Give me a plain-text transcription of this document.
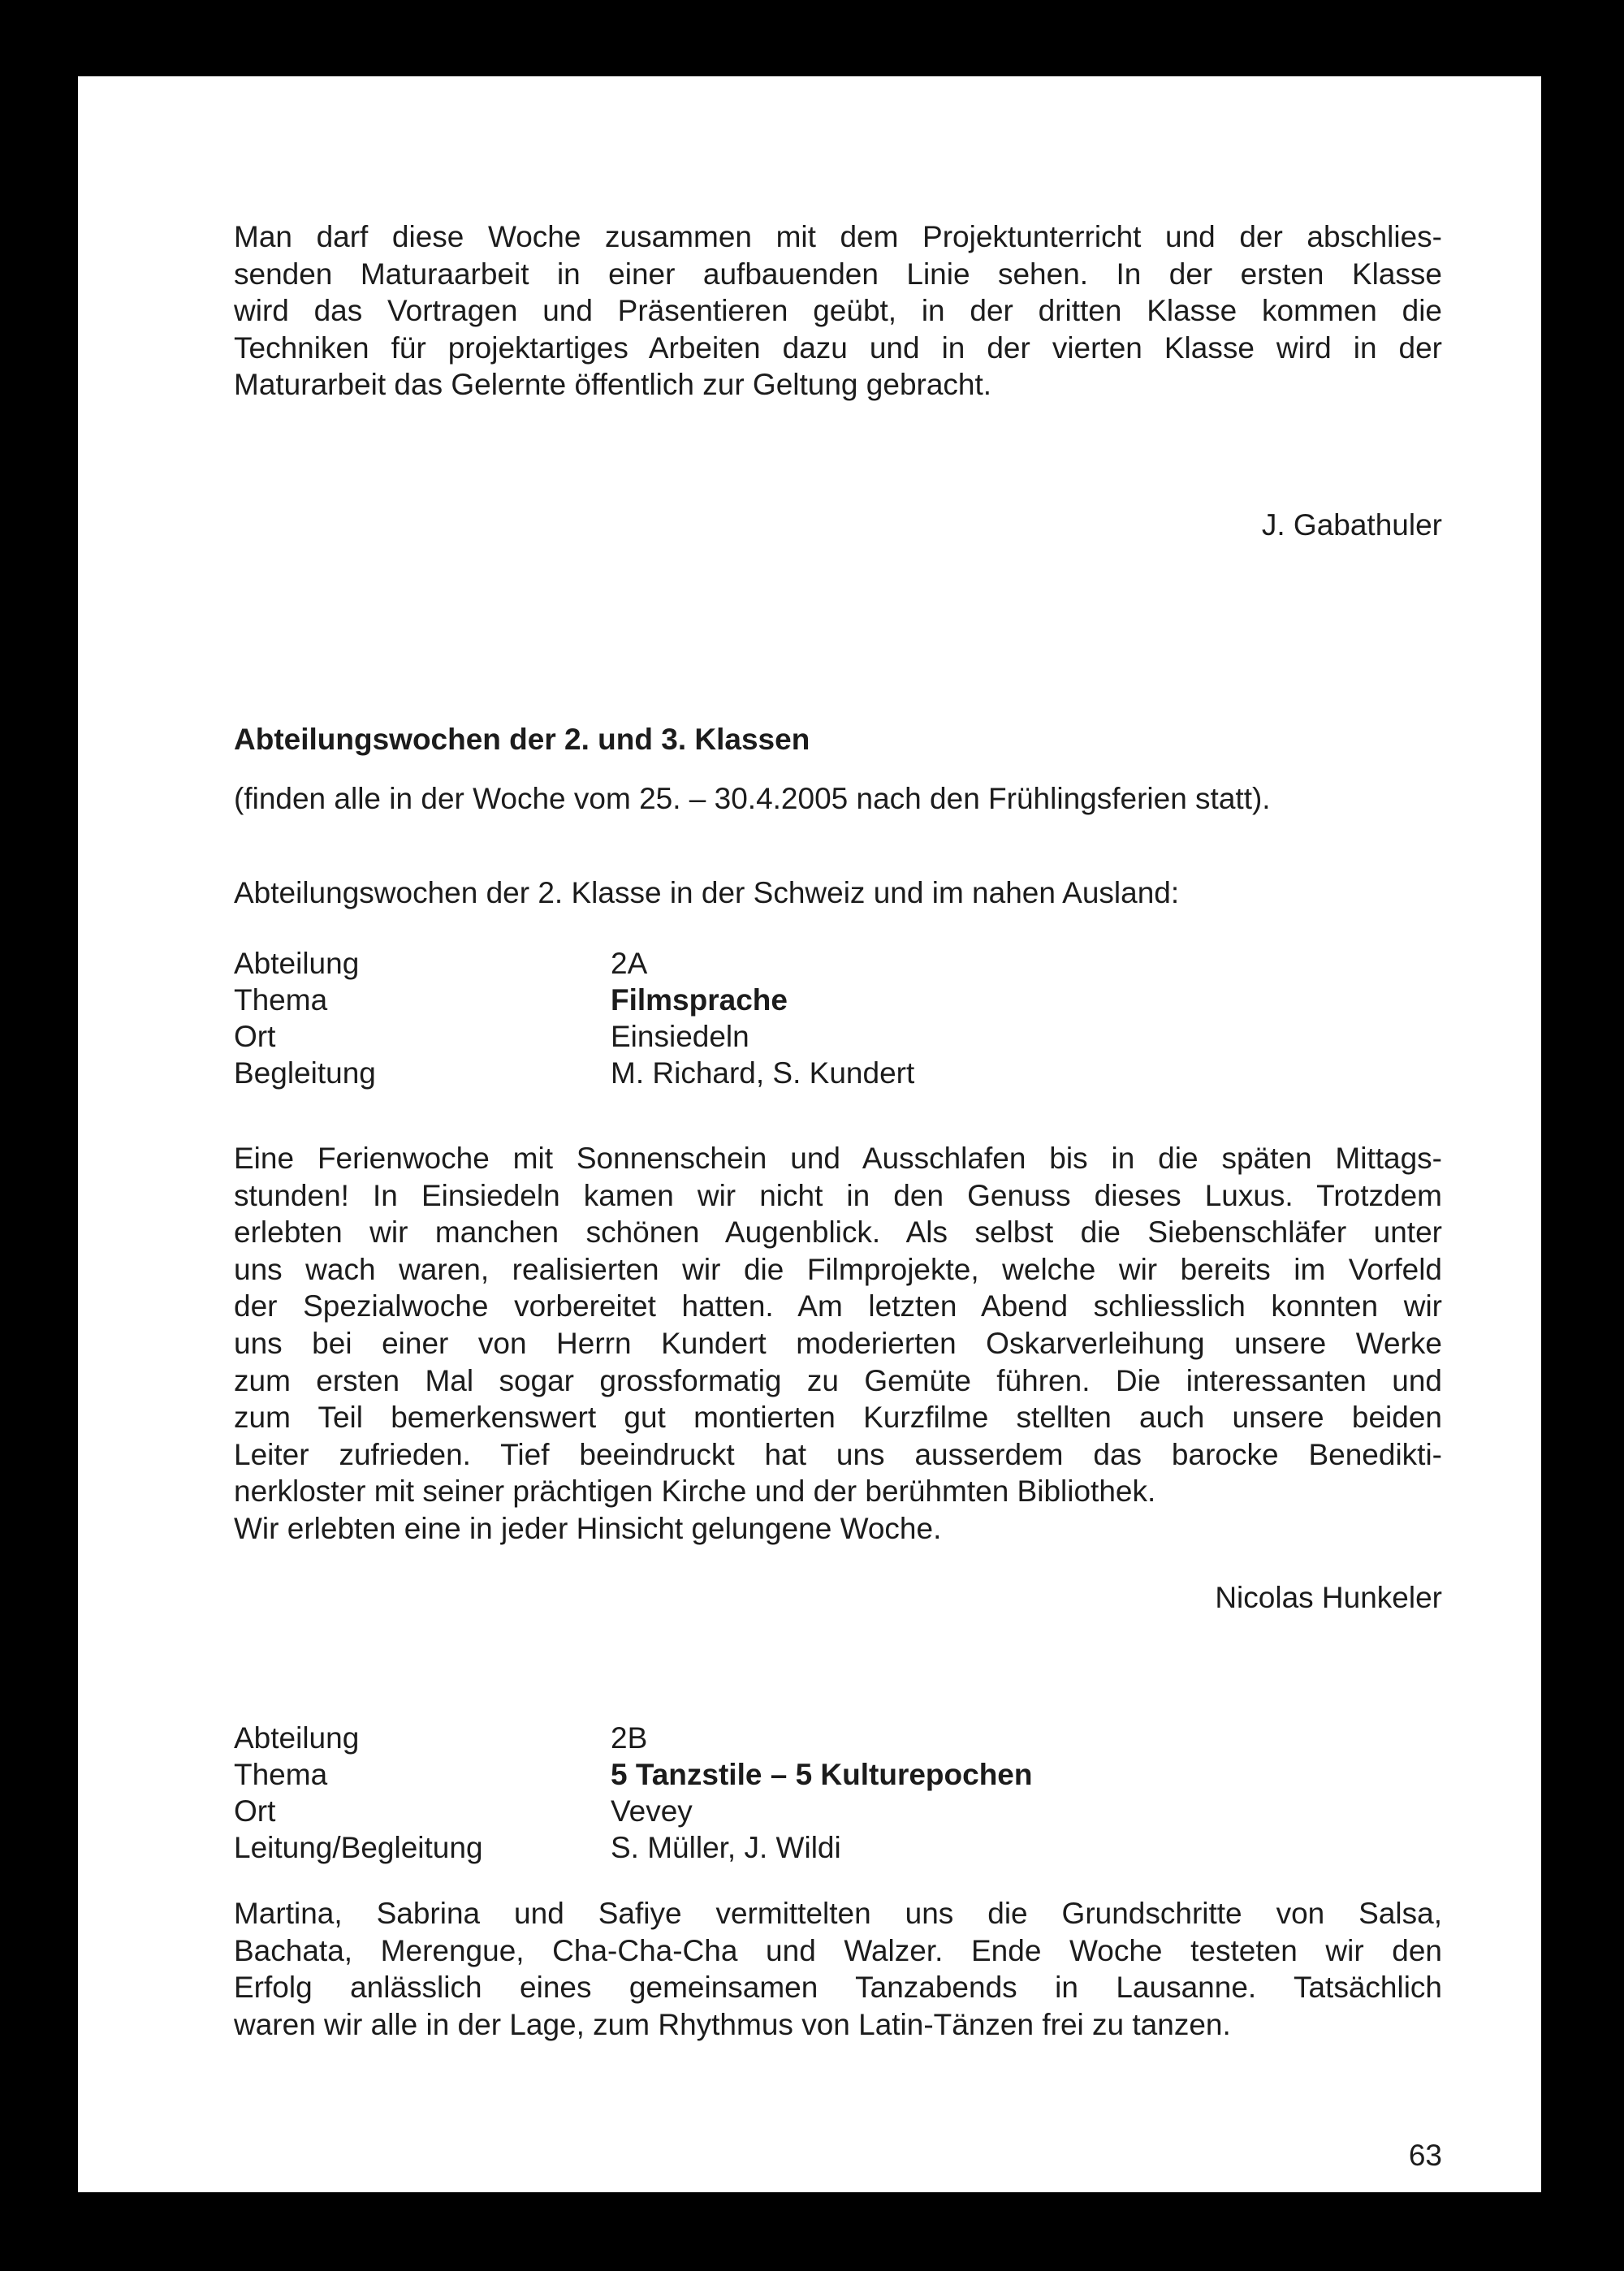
Man darf diese Woche zusammen mit dem Projektunterricht und der abschlies-
senden Maturaarbeit in einer aufbauenden Linie sehen. In der ersten Klasse
wird das Vortragen und Präsentieren geübt, in der dritten Klasse kommen die
Techniken für projektartiges Arbeiten dazu und in der vierten Klasse wird in der
Maturarbeit das Gelernte öffentlich zur Geltung gebracht.
J. Gabathuler
Abteilungswochen der 2. und 3. Klassen
(finden alle in der Woche vom 25. – 30.4.2005 nach den Frühlingsferien statt).
Abteilungswochen der 2. Klasse in der Schweiz und im nahen Ausland:
Abteilung	2A
Thema	Filmsprache
Ort	Einsiedeln
Begleitung	M. Richard, S. Kundert
Eine Ferienwoche mit Sonnenschein und Ausschlafen bis in die späten Mittags-
stunden! In Einsiedeln kamen wir nicht in den Genuss dieses Luxus. Trotzdem
erlebten wir manchen schönen Augenblick. Als selbst die Siebenschläfer unter
uns wach waren, realisierten wir die Filmprojekte, welche wir bereits im Vorfeld
der Spezialwoche vorbereitet hatten. Am letzten Abend schliesslich konnten wir
uns bei einer von Herrn Kundert moderierten Oskarverleihung unsere Werke
zum ersten Mal sogar grossformatig zu Gemüte führen. Die interessanten und
zum Teil bemerkenswert gut montierten Kurzfilme stellten auch unsere beiden
Leiter zufrieden. Tief beeindruckt hat uns ausserdem das barocke Benedikti-
nerkloster mit seiner prächtigen Kirche und der berühmten Bibliothek.
Wir erlebten eine in jeder Hinsicht gelungene Woche.
Nicolas Hunkeler
Abteilung	2B
Thema	5 Tanzstile – 5 Kulturepochen
Ort	Vevey
Leitung/Begleitung	S. Müller, J. Wildi
Martina, Sabrina und Safiye vermittelten uns die Grundschritte von Salsa,
Bachata, Merengue, Cha-Cha-Cha und Walzer. Ende Woche testeten wir den
Erfolg anlässlich eines gemeinsamen Tanzabends in Lausanne. Tatsächlich
waren wir alle in der Lage, zum Rhythmus von Latin-Tänzen frei zu tanzen.
63
